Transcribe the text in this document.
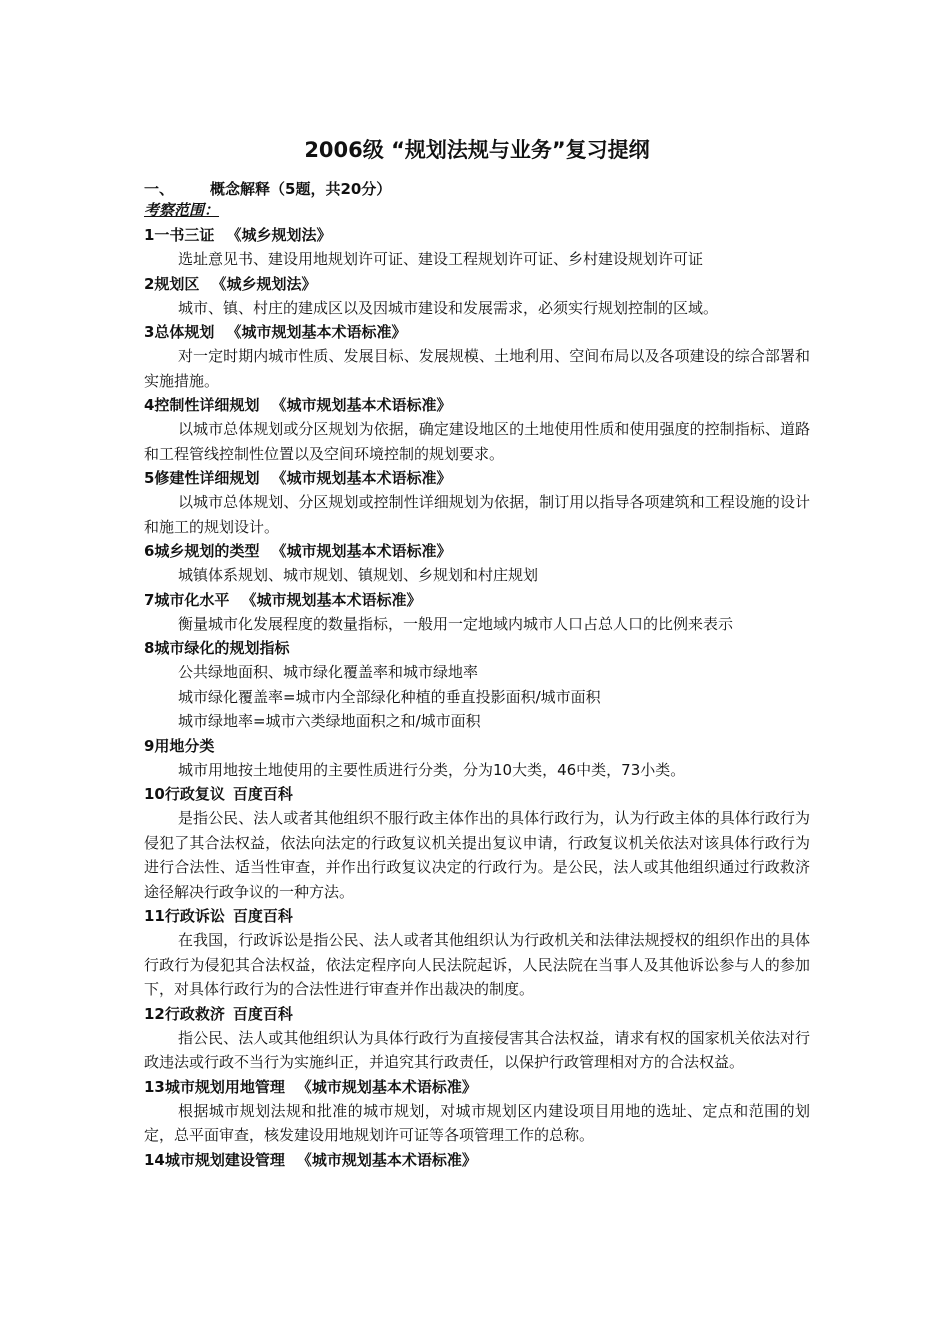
2006级 “规划法规与业务”复习提纲

一、 概念解释（5题，共20分）

考察范围：

1一书三证 《城乡规划法》

选址意见书、建设用地规划许可证、建设工程规划许可证、乡村建设规划许可证

2规划区 《城乡规划法》

城市、镇、村庄的建成区以及因城市建设和发展需求，必须实行规划控制的区域。

3总体规划 《城市规划基本术语标准》

对一定时期内城市性质、发展目标、发展规模、土地利用、空间布局以及各项建设的综合部署和实施措施。

4控制性详细规划 《城市规划基本术语标准》

以城市总体规划或分区规划为依据，确定建设地区的土地使用性质和使用强度的控制指标、道路和工程管线控制性位置以及空间环境控制的规划要求。

5修建性详细规划 《城市规划基本术语标准》

以城市总体规划、分区规划或控制性详细规划为依据，制订用以指导各项建筑和工程设施的设计和施工的规划设计。

6城乡规划的类型 《城市规划基本术语标准》

城镇体系规划、城市规划、镇规划、乡规划和村庄规划

7城市化水平 《城市规划基本术语标准》

衡量城市化发展程度的数量指标，一般用一定地域内城市人口占总人口的比例来表示

8城市绿化的规划指标

公共绿地面积、城市绿化覆盖率和城市绿地率

城市绿化覆盖率=城市内全部绿化种植的垂直投影面积/城市面积

城市绿地率=城市六类绿地面积之和/城市面积

9用地分类

城市用地按土地使用的主要性质进行分类，分为10大类，46中类，73小类。

10行政复议 百度百科

是指公民、法人或者其他组织不服行政主体作出的具体行政行为，认为行政主体的具体行政行为侵犯了其合法权益，依法向法定的行政复议机关提出复议申请，行政复议机关依法对该具体行政行为进行合法性、适当性审查，并作出行政复议决定的行政行为。是公民，法人或其他组织通过行政救济途径解决行政争议的一种方法。

11行政诉讼 百度百科

在我国，行政诉讼是指公民、法人或者其他组织认为行政机关和法律法规授权的组织作出的具体行政行为侵犯其合法权益，依法定程序向人民法院起诉，人民法院在当事人及其他诉讼参与人的参加下，对具体行政行为的合法性进行审查并作出裁决的制度。

12行政救济 百度百科

指公民、法人或其他组织认为具体行政行为直接侵害其合法权益，请求有权的国家机关依法对行政违法或行政不当行为实施纠正，并追究其行政责任，以保护行政管理相对方的合法权益。

13城市规划用地管理 《城市规划基本术语标准》

根据城市规划法规和批准的城市规划，对城市规划区内建设项目用地的选址、定点和范围的划定，总平面审查，核发建设用地规划许可证等各项管理工作的总称。

14城市规划建设管理 《城市规划基本术语标准》
